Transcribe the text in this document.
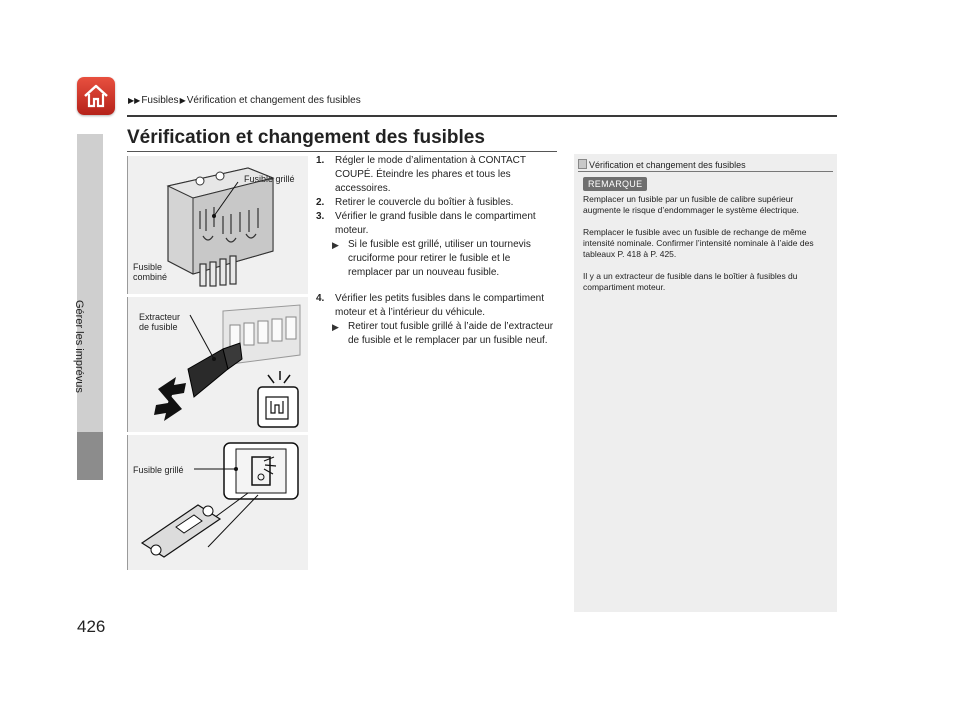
▶▶Fusibles▶Vérification et changement des fusibles
Gérer les imprévus
426
Vérification et changement des fusibles
Fusible grillé
Fusible
combiné
Extracteur
de fusible
Fusible grillé
1. Régler le mode d’alimentation à CONTACT COUPÉ. Éteindre les phares et tous les accessoires.
2. Retirer le couvercle du boîtier à fusibles.
3. Vérifier le grand fusible dans le compartiment moteur.
▶ Si le fusible est grillé, utiliser un tournevis cruciforme pour retirer le fusible et le remplacer par un nouveau fusible.
4. Vérifier les petits fusibles dans le compartiment moteur et à l’intérieur du véhicule.
▶ Retirer tout fusible grillé à l’aide de l’extracteur de fusible et le remplacer par un fusible neuf.
Vérification et changement des fusibles
REMARQUE

Remplacer un fusible par un fusible de calibre supérieur augmente le risque d’endommager le système électrique.

Remplacer le fusible avec un fusible de rechange de même intensité nominale. Confirmer l’intensité nominale à l’aide des tableaux P. 418 à P. 425.

Il y a un extracteur de fusible dans le boîtier à fusibles du compartiment moteur.
